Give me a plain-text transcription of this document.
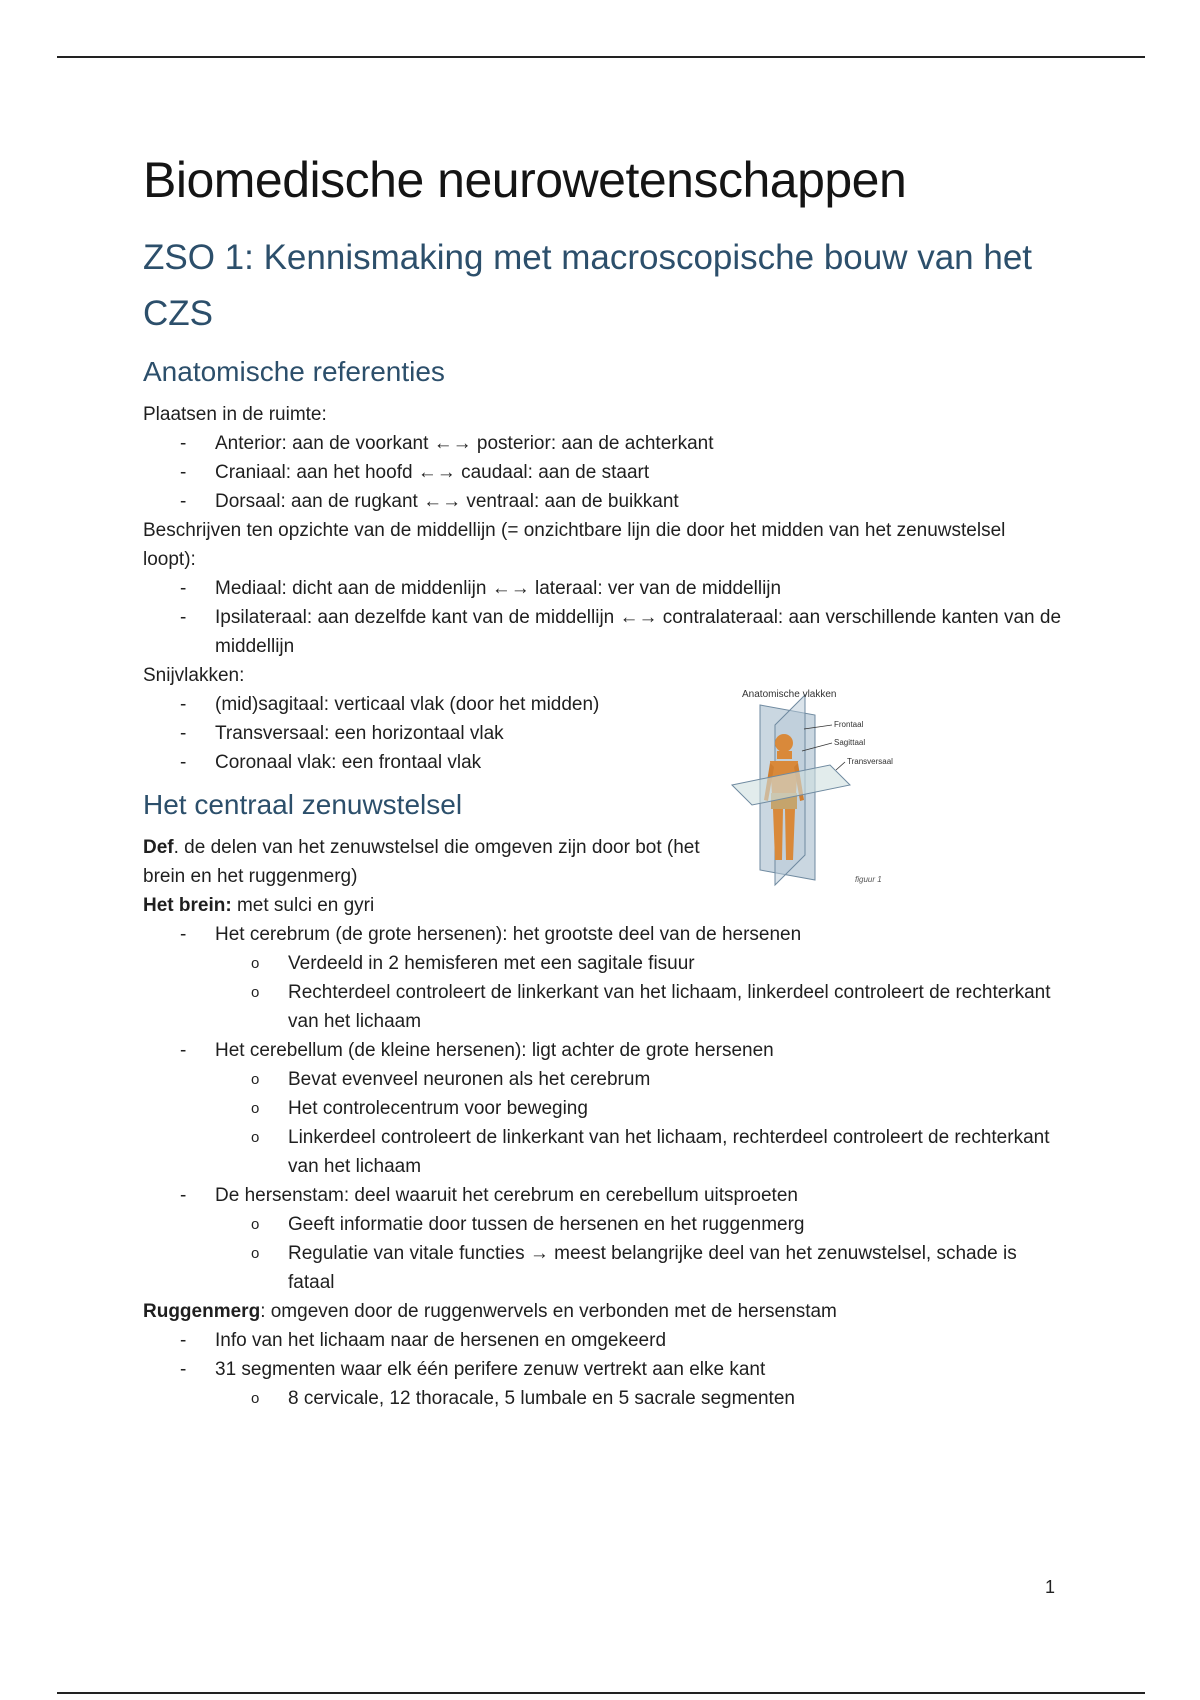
Biomedische neurowetenschappen
ZSO 1: Kennismaking met macroscopische bouw van het CZS
Anatomische referenties

Plaatsen in de ruimte:

- Anterior: aan de voorkant ←→ posterior: aan de achterkant
- Craniaal: aan het hoofd ←→ caudaal: aan de staart
- Dorsaal: aan de rugkant ←→ ventraal: aan de buikkant

Beschrijven ten opzichte van de middellijn (= onzichtbare lijn die door het midden van het zenuwstelsel loopt):

- Mediaal: dicht aan de middenlijn ←→ lateraal: ver van de middellijn
- Ipsilateraal: aan dezelfde kant van de middellijn ←→ contralateraal: aan verschillende kanten van de middellijn

Snijvlakken:

- (mid)sagitaal: verticaal vlak (door het midden)
- Transversaal: een horizontaal vlak
- Coronaal vlak: een frontaal vlak
Het centraal zenuwstelsel

Def. de delen van het zenuwstelsel die omgeven zijn door bot (het brein en het ruggenmerg)

Het brein: met sulci en gyri

- Het cerebrum (de grote hersenen): het grootste deel van de hersenen
o Verdeeld in 2 hemisferen met een sagitale fisuur
o Rechterdeel controleert de linkerkant van het lichaam, linkerdeel controleert de rechterkant van het lichaam
- Het cerebellum (de kleine hersenen): ligt achter de grote hersenen
o Bevat evenveel neuronen als het cerebrum
o Het controlecentrum voor beweging
o Linkerdeel controleert de linkerkant van het lichaam, rechterdeel controleert de rechterkant van het lichaam
- De hersenstam: deel waaruit het cerebrum en cerebellum uitsproeten
o Geeft informatie door tussen de hersenen en het ruggenmerg
o Regulatie van vitale functies → meest belangrijke deel van het zenuwstelsel, schade is fataal

Ruggenmerg: omgeven door de ruggenwervels en verbonden met de hersenstam

- Info van het lichaam naar de hersenen en omgekeerd
- 31 segmenten waar elk één perifere zenuw vertrekt aan elke kant
o 8 cervicale, 12 thoracale, 5 lumbale en 5 sacrale segmenten
Anatomische vlakken
Frontaal
Sagittaal
Transversaal
figuur 1
1
